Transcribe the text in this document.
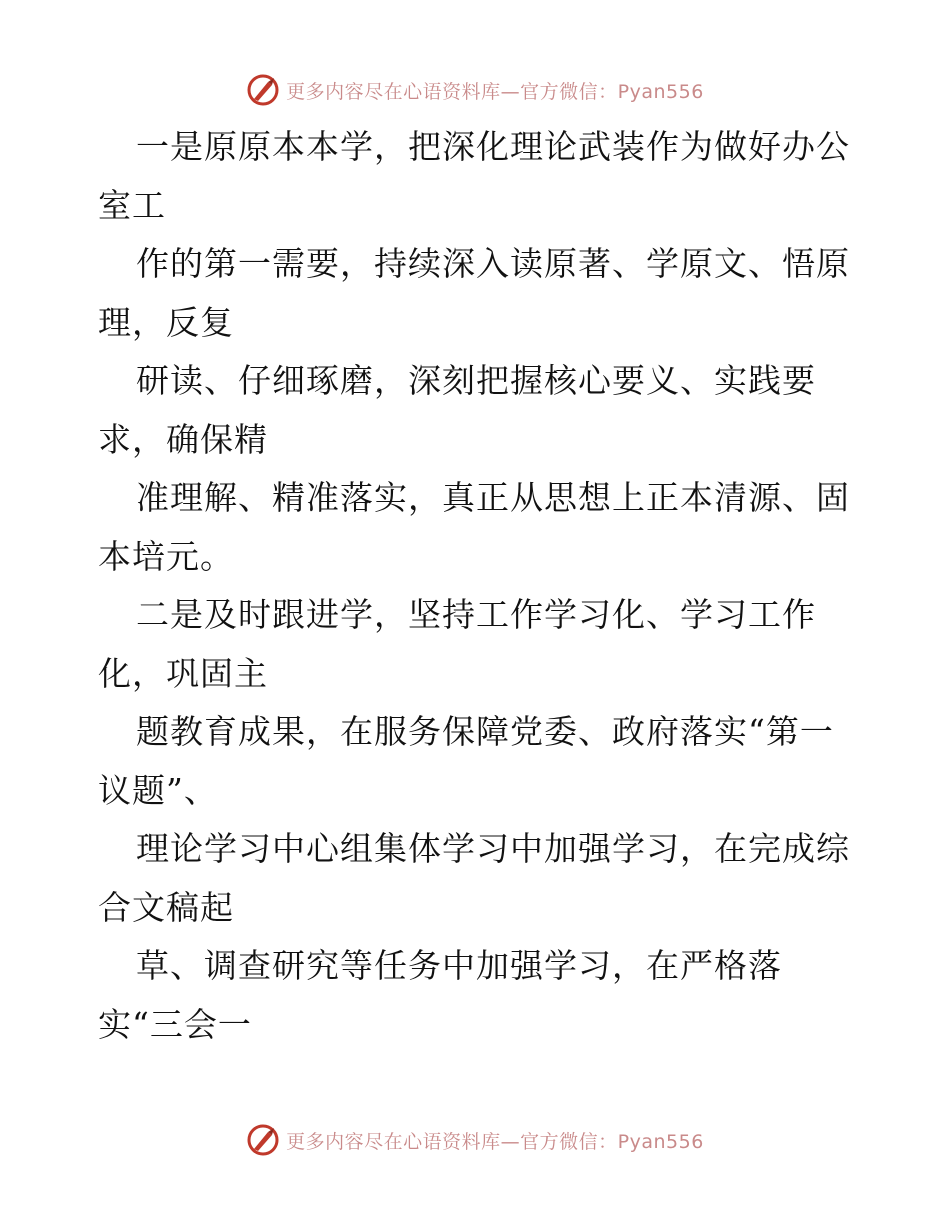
更多内容尽在心语资料库—官方微信：Pyan556
一是原原本本学，把深化理论武装作为做好办公
室工
作的第一需要，持续深入读原著、学原文、悟原
理，反复
研读、仔细琢磨，深刻把握核心要义、实践要
求，确保精
准理解、精准落实，真正从思想上正本清源、固
本培元。
二是及时跟进学，坚持工作学习化、学习工作
化，巩固主
题教育成果，在服务保障党委、政府落实“第一
议题”、
理论学习中心组集体学习中加强学习，在完成综
合文稿起
草、调查研究等任务中加强学习，在严格落
实“三会一
更多内容尽在心语资料库—官方微信：Pyan556
